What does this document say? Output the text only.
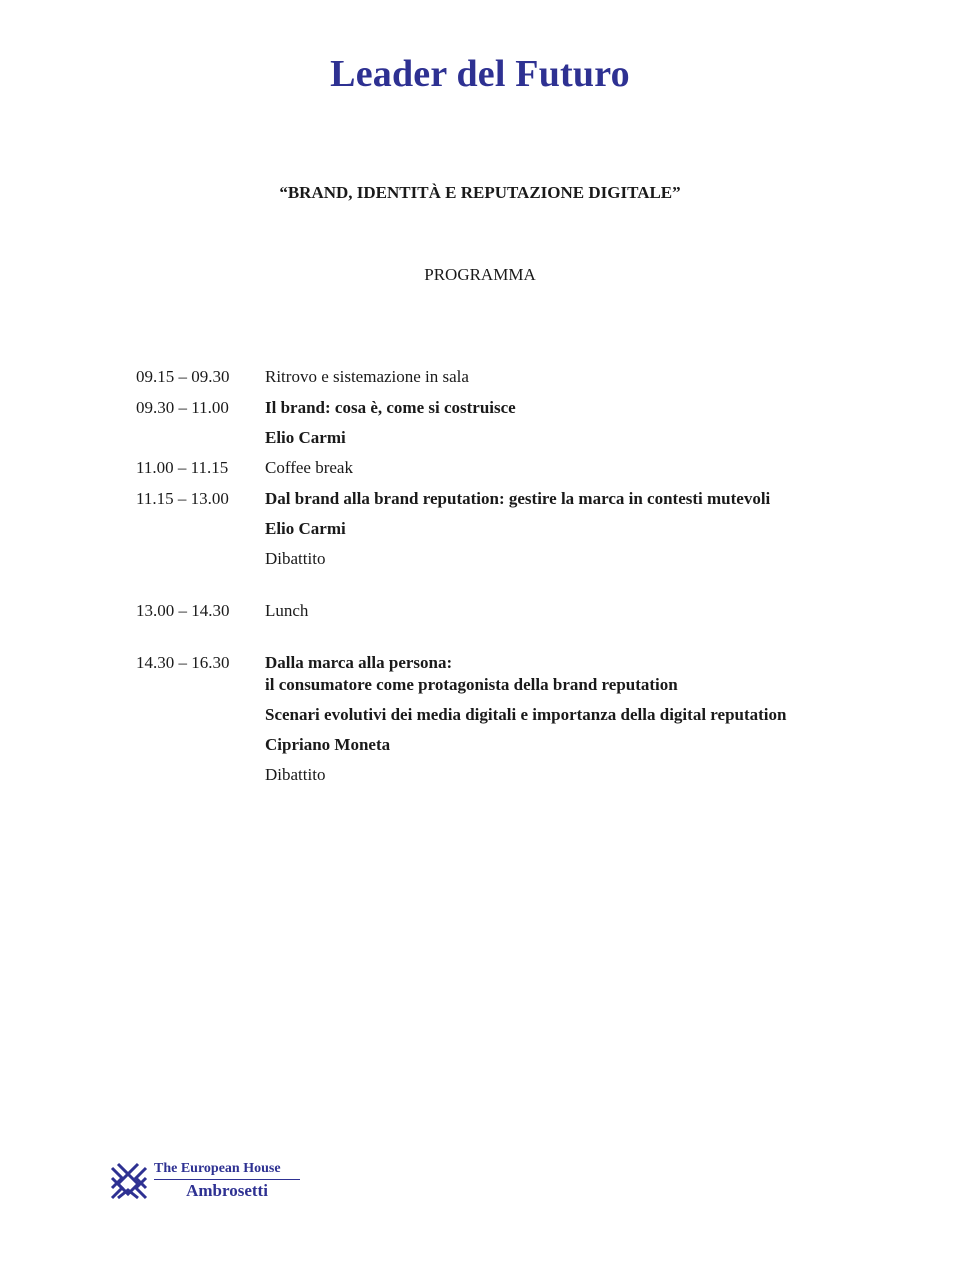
Leader del Futuro
“BRAND, IDENTITÀ E REPUTAZIONE DIGITALE”
PROGRAMMA
09.15 – 09.30	Ritrovo e sistemazione in sala
09.30 – 11.00	Il brand: cosa è, come si costruisce
Elio Carmi
11.00 – 11.15	Coffee break
11.15 – 13.00	Dal brand alla brand reputation: gestire la marca in contesti mutevoli
Elio Carmi
Dibattito
13.00 – 14.30	Lunch
14.30 – 16.30	Dalla marca alla persona:
il consumatore come protagonista della brand reputation
Scenari evolutivi dei media digitali e importanza della digital reputation
Cipriano Moneta
Dibattito
The European House
Ambrosetti
